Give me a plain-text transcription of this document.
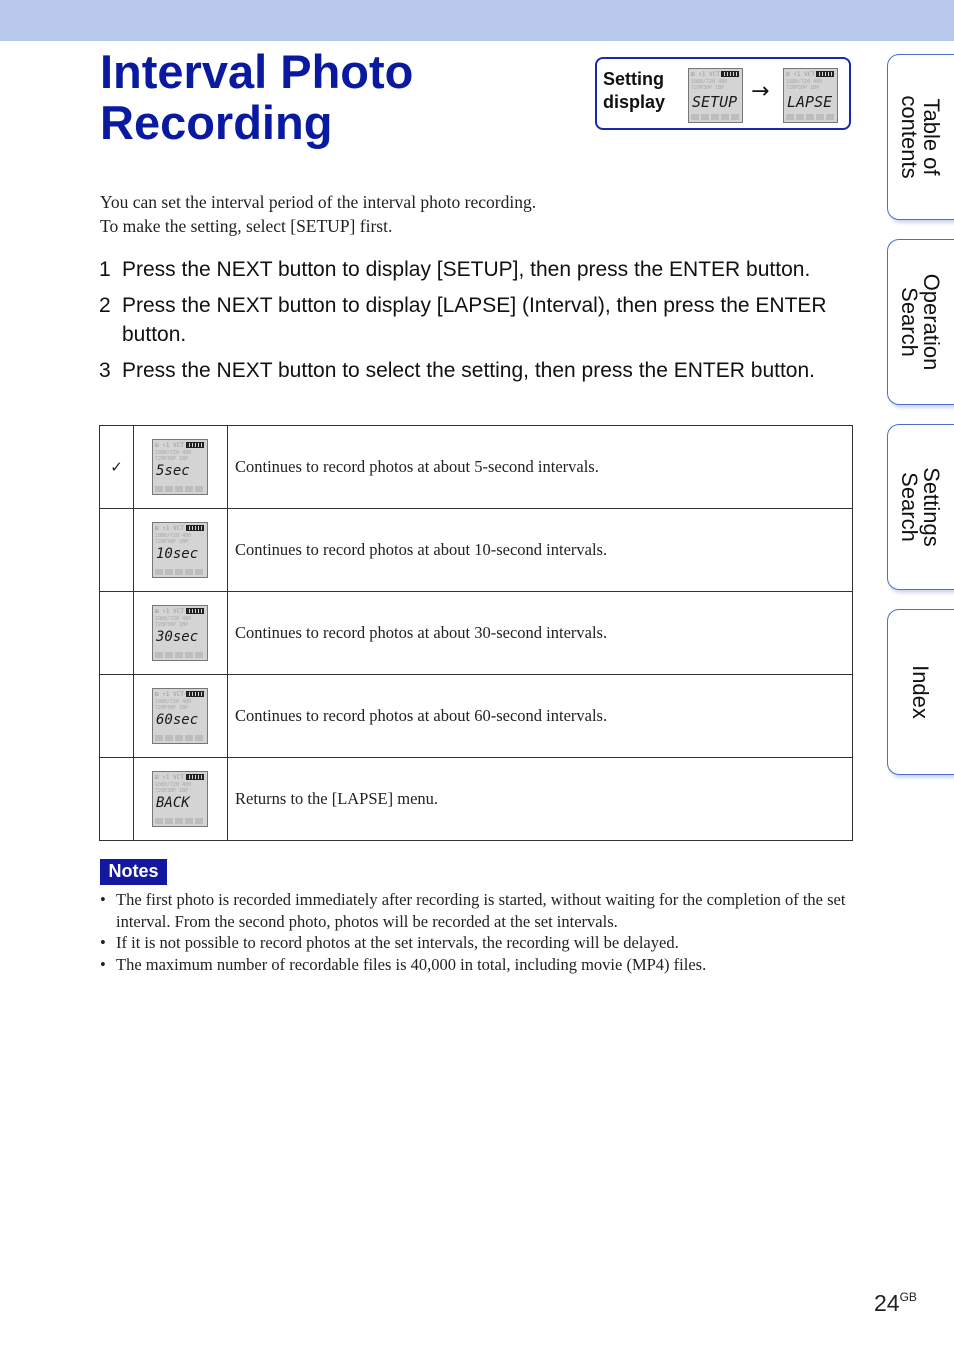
Interval Photo Recording
Setting display
⊞ ↑1 VCT
1080/720 480
720P30P 1BP
SETUP →
⊞ ↑1 VCT
1080/720 480
720P30P 1BP
LAPSE

You can set the interval period of the interval photo recording.

To make the setting, select [SETUP] first.

1 Press the NEXT button to display [SETUP], then press the ENTER button.
2 Press the NEXT button to display [LAPSE] (Interval), then press the ENTER button.
3 Press the NEXT button to select the setting, then press the ENTER button.
✓	⊞ ↑1 VCT
1080/720 480
720P30P 1BP
5sec	Continues to record photos at about 5-second intervals.

	⊞ ↑1 VCT
1080/720 480
720P30P 1BP
10sec	Continues to record photos at about 10-second intervals.

	⊞ ↑1 VCT
1080/720 480
720P30P 1BP
30sec	Continues to record photos at about 30-second intervals.

	⊞ ↑1 VCT
1080/720 480
720P30P 1BP
60sec	Continues to record photos at about 60-second intervals.

	⊞ ↑1 VCT
1080/720 480
720P30P 1BP
BACK	Returns to the [LAPSE] menu.
Notes
• The first photo is recorded immediately after recording is started, without waiting for the completion of the set interval. From the second photo, photos will be recorded at the set intervals.
• If it is not possible to record photos at the set intervals, the recording will be delayed.
• The maximum number of recordable files is 40,000 in total, including movie (MP4) files.
Table of
contents
Operation
Search
Settings
Search
Index
$24^{GB}$
